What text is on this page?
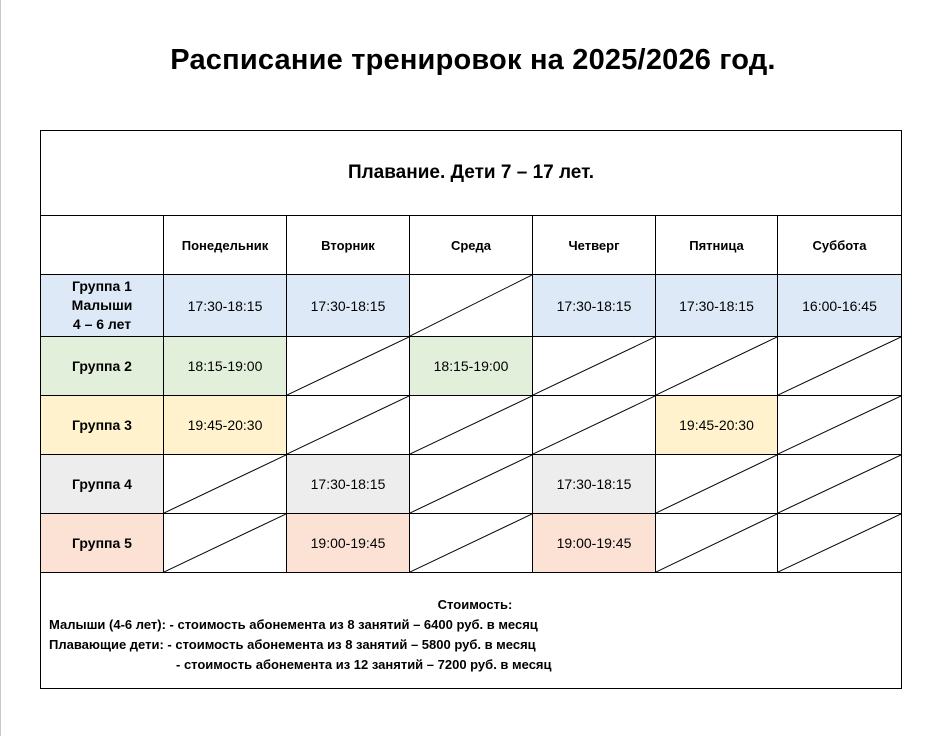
Расписание тренировок на 2025/2026 год.
Плавание. Дети 7 – 17 лет.						
	Понедельник	Вторник	Среда	Четверг	Пятница	Суббота

Группа 1
Малыши
4 – 6 лет	17:30-18:15	17:30-18:15		17:30-18:15	17:30-18:15	16:00-16:45

Группа 2	18:15-19:00		18:15-19:00	

Группа 3	19:45-20:30				19:45-20:30	

Группа 4		17:30-18:15		17:30-18:15	

Группа 5		19:00-19:45		19:00-19:45	

Стоимость:
Малыши (4-6 лет): - стоимость абонемента из 8 занятий – 6400 руб. в месяц
Плавающие дети: - стоимость абонемента из 8 занятий – 5800 руб. в месяц
- стоимость абонемента из 12 занятий – 7200 руб. в месяц						
